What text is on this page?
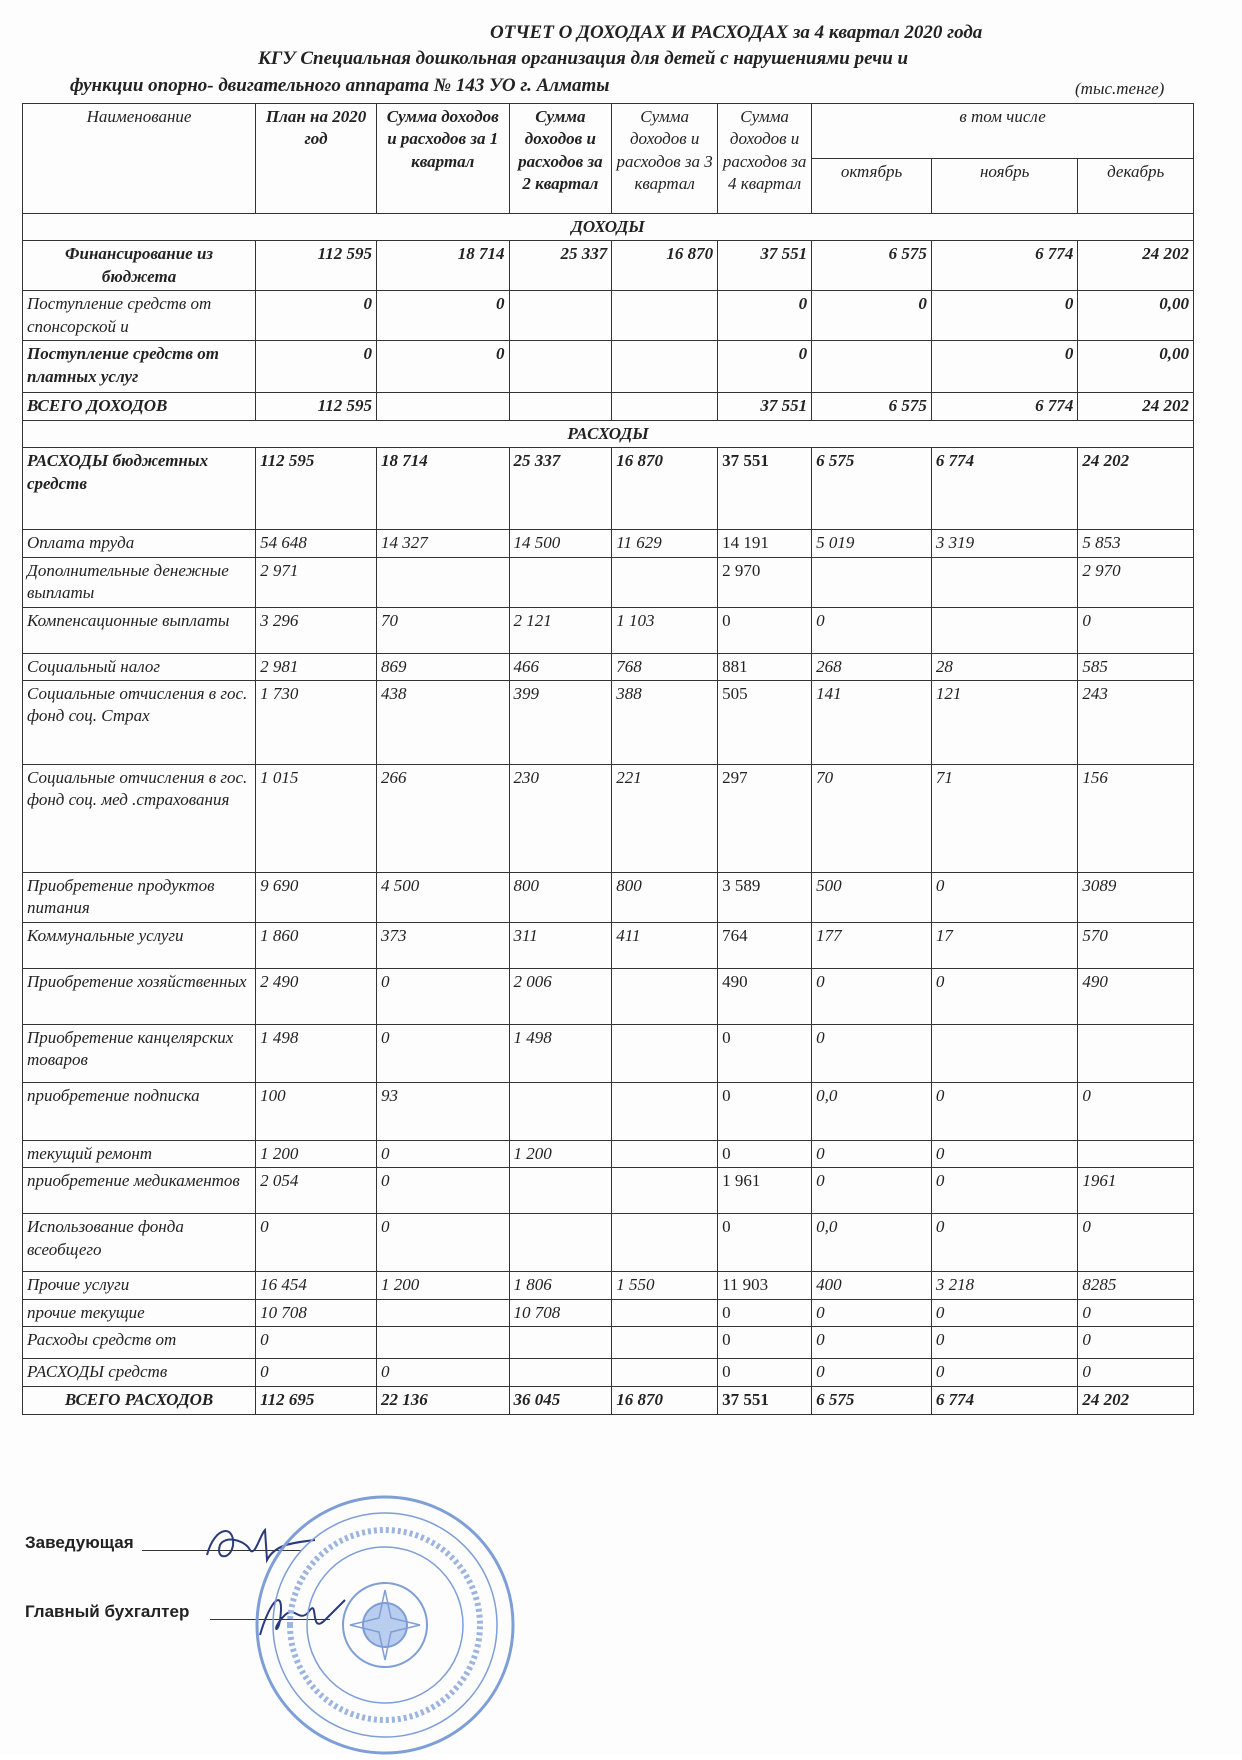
ОТЧЕТ О ДОХОДАХ И РАСХОДАХ за 4 квартал 2020 года
КГУ Специальная дошкольная организация для детей с нарушениями речи и
функции опорно- двигательного аппарата № 143 УО г. Алматы	(тыс.тенге)
Наименование	План на 2020 год	Сумма доходов и расходов за 1 квартал	Сумма доходов и расходов за 2 квартал	Сумма доходов и расходов за 3 квартал	Сумма доходов и расходов за 4 квартал	в том числе		
						октябрь	ноябрь	декабрь
ДОХОДЫ								
Финансирование из бюджета	112 595	18 714	25 337	16 870	37 551	6 575	6 774	24 202
Поступление средств от спонсорской и	0	0			0	0	0	0,00
Поступление средств от платных услуг	0	0			0		0	0,00
ВСЕГО ДОХОДОВ	112 595				37 551	6 575	6 774	24 202
РАСХОДЫ								
РАСХОДЫ бюджетных средств	112 595	18 714	25 337	16 870	37 551	6 575	6 774	24 202
Оплата труда	54 648	14 327	14 500	11 629	14 191	5 019	3 319	5 853
Дополнительные денежные выплаты	2 971				2 970			2 970
Компенсационные выплаты	3 296	70	2 121	1 103	0	0		0
Социальный налог	2 981	869	466	768	881	268	28	585
Социальные отчисления в гос. фонд соц. Страх	1 730	438	399	388	505	141	121	243
Социальные отчисления в гос. фонд соц. мед .страхования	1 015	266	230	221	297	70	71	156
Приобретение продуктов питания	9 690	4 500	800	800	3 589	500	0	3089
Коммунальные услуги	1 860	373	311	411	764	177	17	570
Приобретение хозяйственных	2 490	0	2 006		490	0	0	490
Приобретение канцелярских товаров	1 498	0	1 498		0	0		
приобретение подписка	100	93			0	0,0	0	0
текущий ремонт	1 200	0	1 200		0	0	0	
приобретение медикаментов	2 054	0			1 961	0	0	1961
Использование фонда всеобщего	0	0			0	0,0	0	0
Прочие услуги	16 454	1 200	1 806	1 550	11 903	400	3 218	8285
прочие текущие	10 708		10 708		0	0	0	0
Расходы средств от	0				0	0	0	0
РАСХОДЫ средств	0	0			0	0	0	0
ВСЕГО РАСХОДОВ	112 695	22 136	36 045	16 870	37 551	6 575	6 774	24 202
Заведующая
Главный бухгалтер
